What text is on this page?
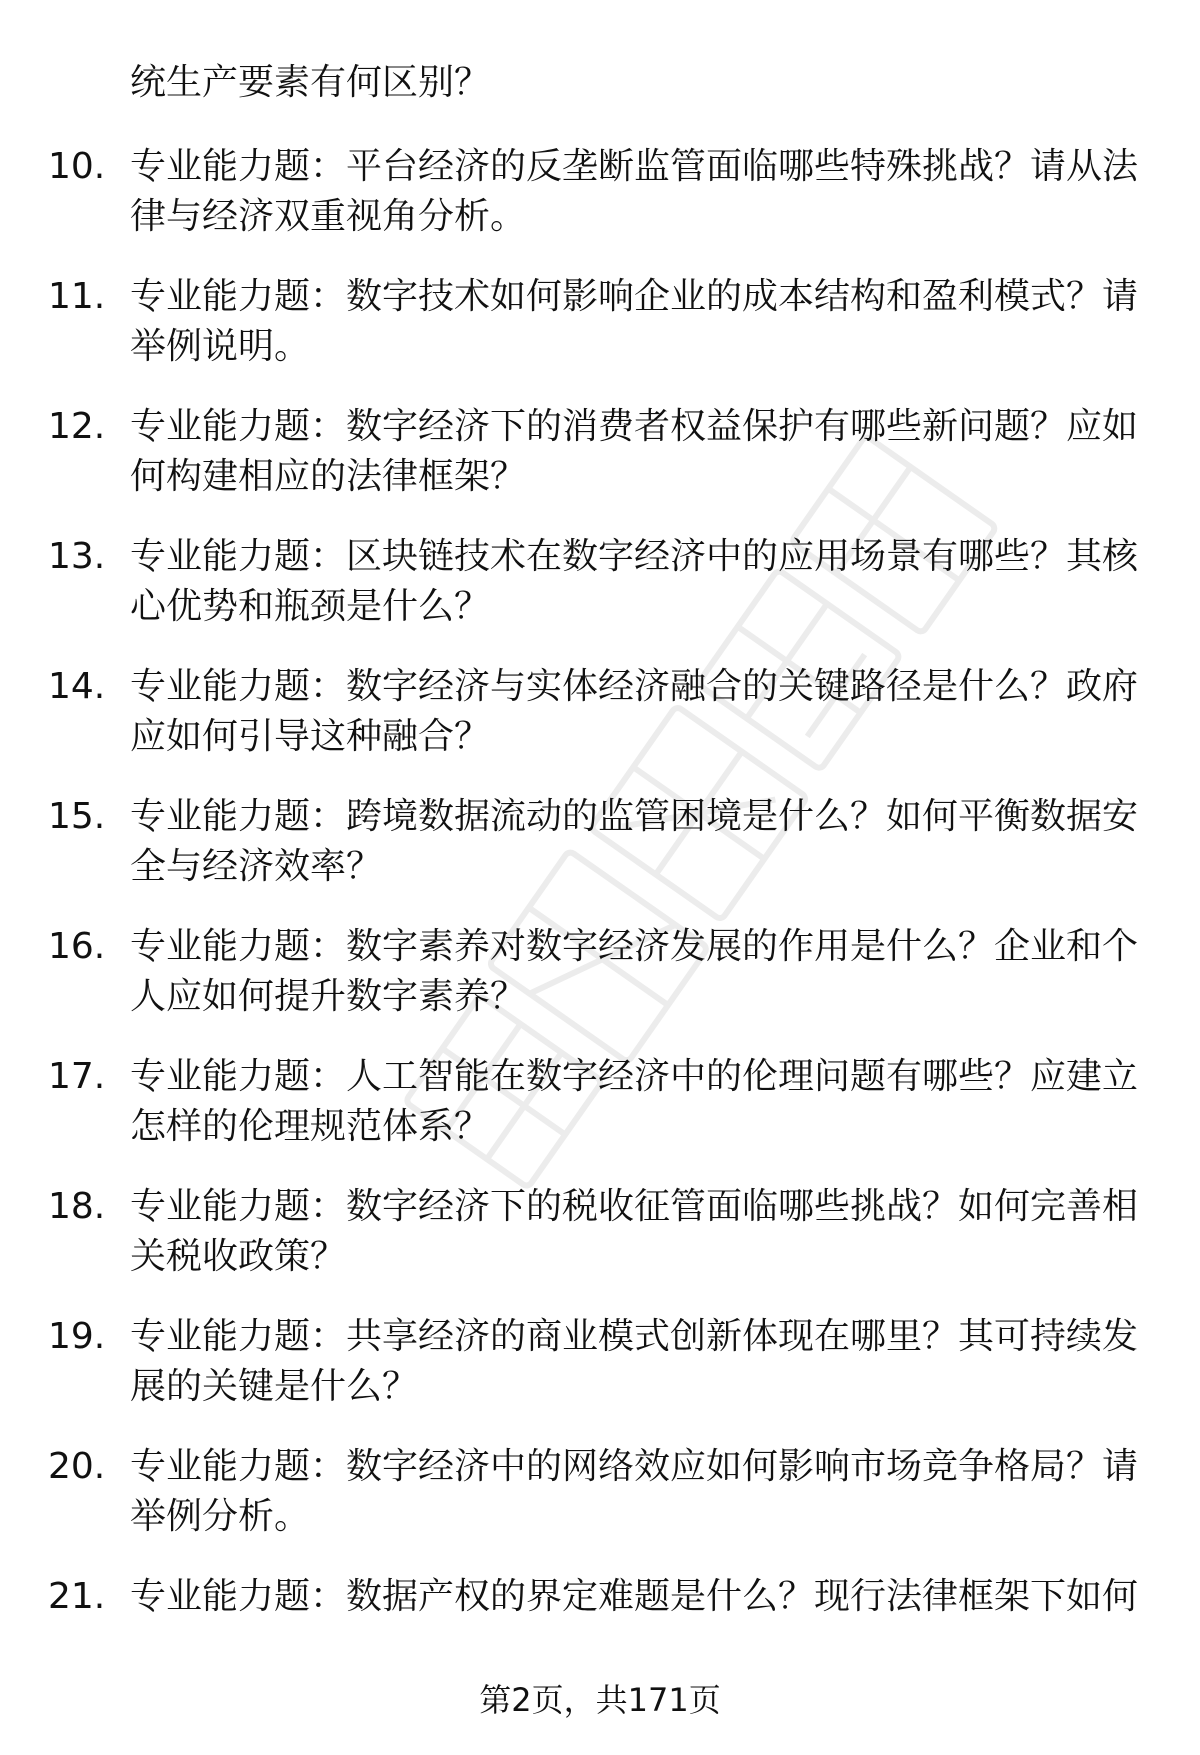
统生产要素有何区别？

10. 专业能力题：平台经济的反垄断监管面临哪些特殊挑战？请从法
律与经济双重视角分析。
11. 专业能力题：数字技术如何影响企业的成本结构和盈利模式？请
举例说明。
12. 专业能力题：数字经济下的消费者权益保护有哪些新问题？应如
何构建相应的法律框架？
13. 专业能力题：区块链技术在数字经济中的应用场景有哪些？其核
心优势和瓶颈是什么？
14. 专业能力题：数字经济与实体经济融合的关键路径是什么？政府
应如何引导这种融合？
15. 专业能力题：跨境数据流动的监管困境是什么？如何平衡数据安
全与经济效率？
16. 专业能力题：数字素养对数字经济发展的作用是什么？企业和个
人应如何提升数字素养？
17. 专业能力题：人工智能在数字经济中的伦理问题有哪些？应建立
怎样的伦理规范体系？
18. 专业能力题：数字经济下的税收征管面临哪些挑战？如何完善相
关税收政策？
19. 专业能力题：共享经济的商业模式创新体现在哪里？其可持续发
展的关键是什么？
20. 专业能力题：数字经济中的网络效应如何影响市场竞争格局？请
举例分析。
21. 专业能力题：数据产权的界定难题是什么？现行法律框架下如何
第2页，共171页
